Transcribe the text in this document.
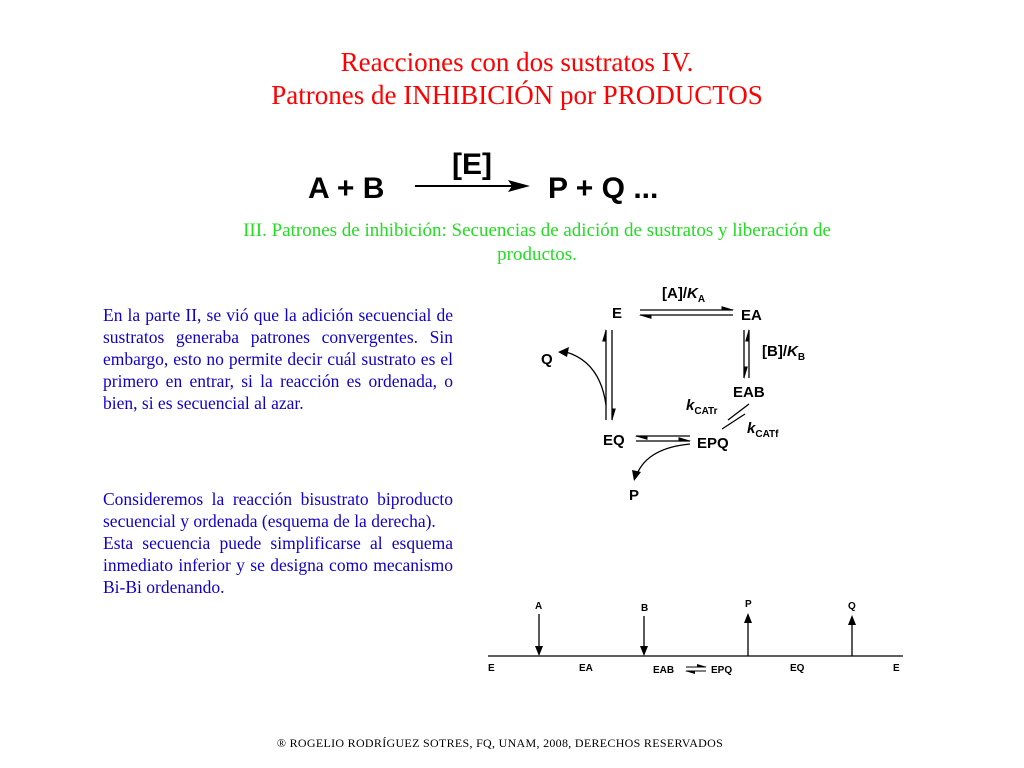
Reacciones con dos sustratos IV.
Patrones de INHIBICIÓN por PRODUCTOS
A + B
[E]
P + Q ...
III. Patrones de inhibición: Secuencias de adición de sustratos y liberación de productos.
En la parte II, se vió que la adición secuencial de sustratos generaba patrones convergentes. Sin embargo, esto no permite decir cuál sustrato es el primero en entrar, si la reacción es ordenada, o bien, si es secuencial al azar.

Consideremos la reacción bisustrato biproducto secuencial y ordenada (esquema de la derecha).

Esta secuencia puede simplificarse al esquema inmediato inferior y se designa como mecanismo Bi-Bi ordenando.

E	EA
EAB
EPQ
EQ
P
Q
$[A]/K_A$
$[B]/K_B$
$k_{CATr}$
$k_{CATf}$
A	B	P	Q
E	EA	EAB	EPQ	EQ	E
® ROGELIO RODRÍGUEZ SOTRES, FQ, UNAM, 2008, DERECHOS RESERVADOS
